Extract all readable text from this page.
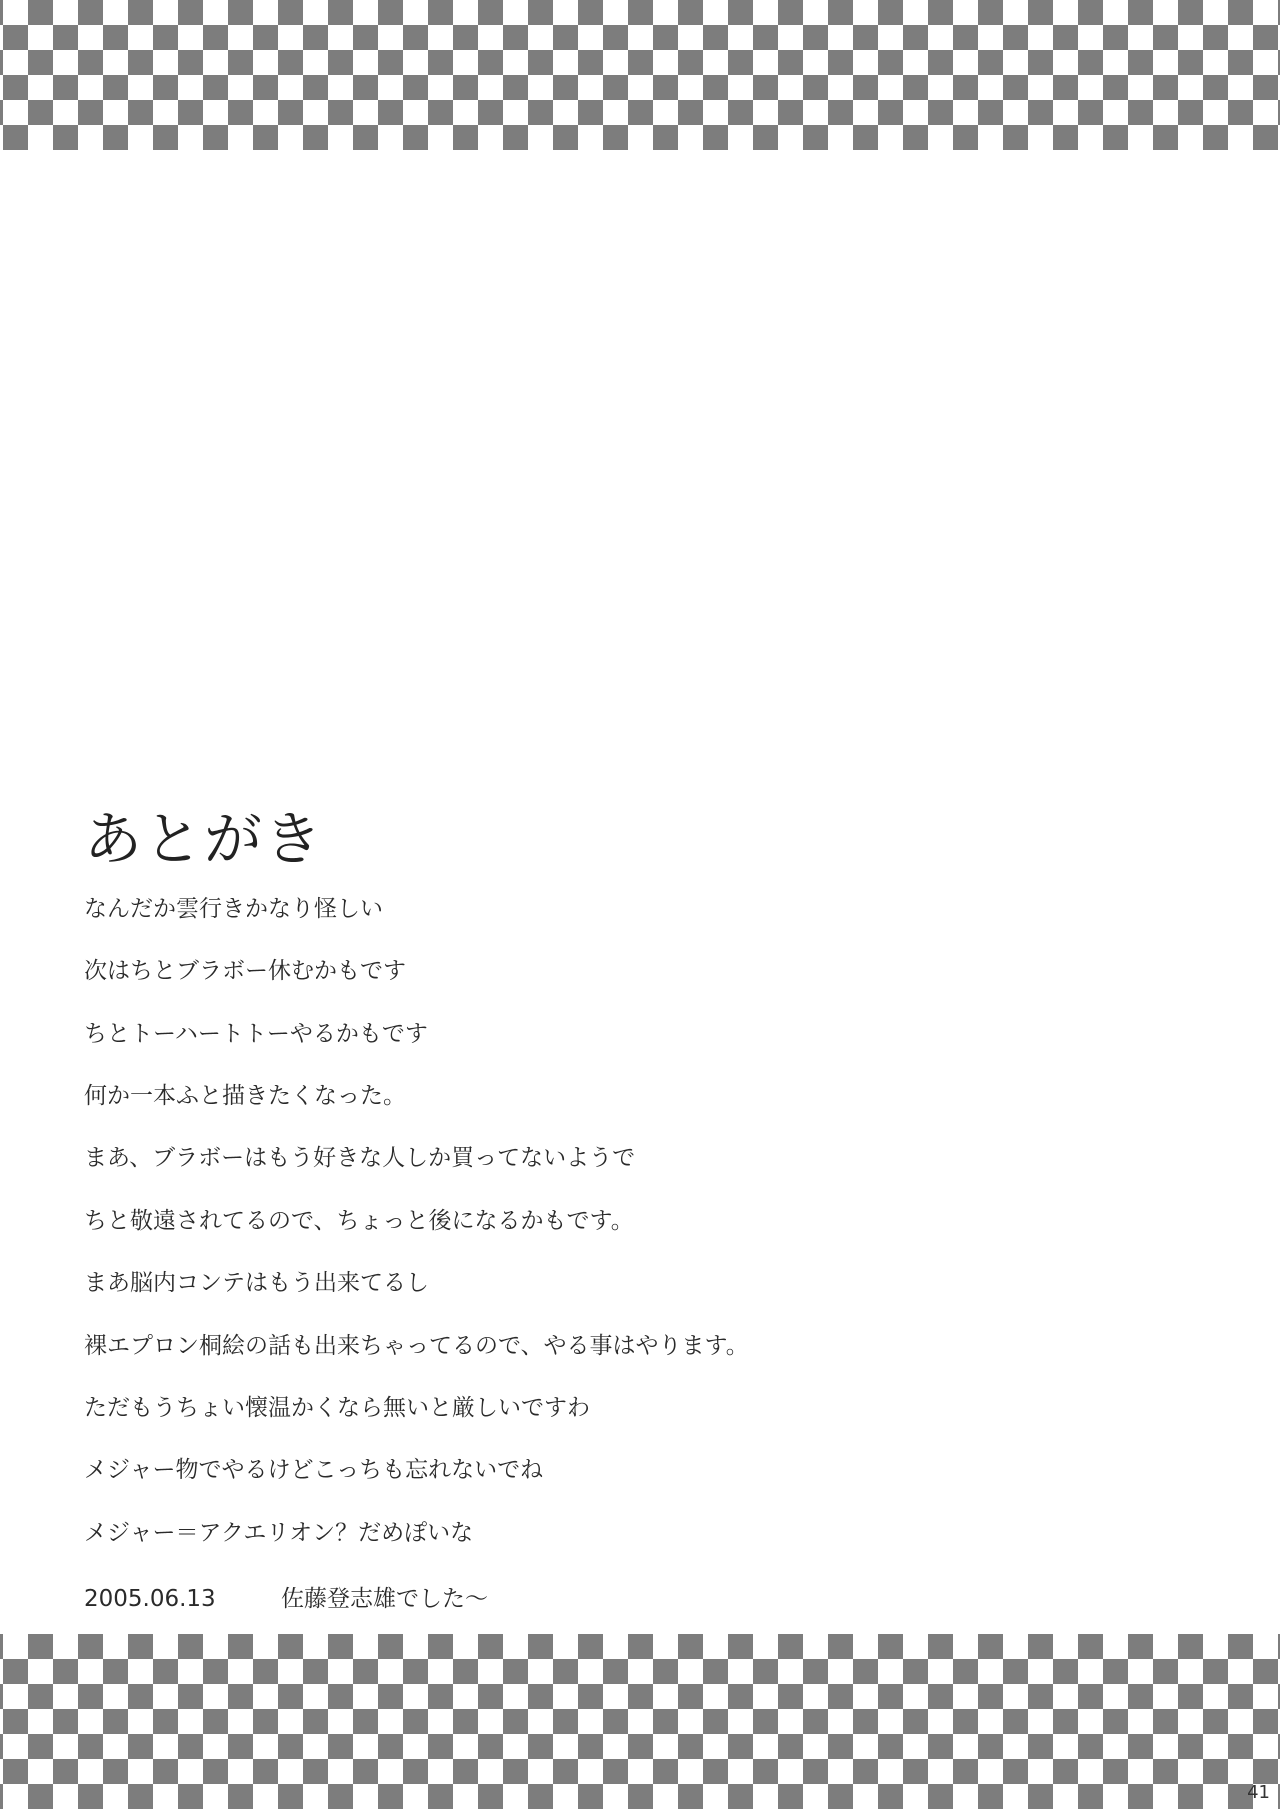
あとがき
なんだか雲行きかなり怪しい
次はちとブラボー休むかもです
ちとトーハートトーやるかもです
何か一本ふと描きたくなった。
まあ、ブラボーはもう好きな人しか買ってないようで
ちと敬遠されてるので、ちょっと後になるかもです。
まあ脳内コンテはもう出来てるし
裸エプロン桐絵の話も出来ちゃってるので、やる事はやります。
ただもうちょい懐温かくなら無いと厳しいですわ
メジャー物でやるけどこっちも忘れないでね
メジャー＝アクエリオン？だめぽいな
2005.06.13	佐藤登志雄でした～
41
